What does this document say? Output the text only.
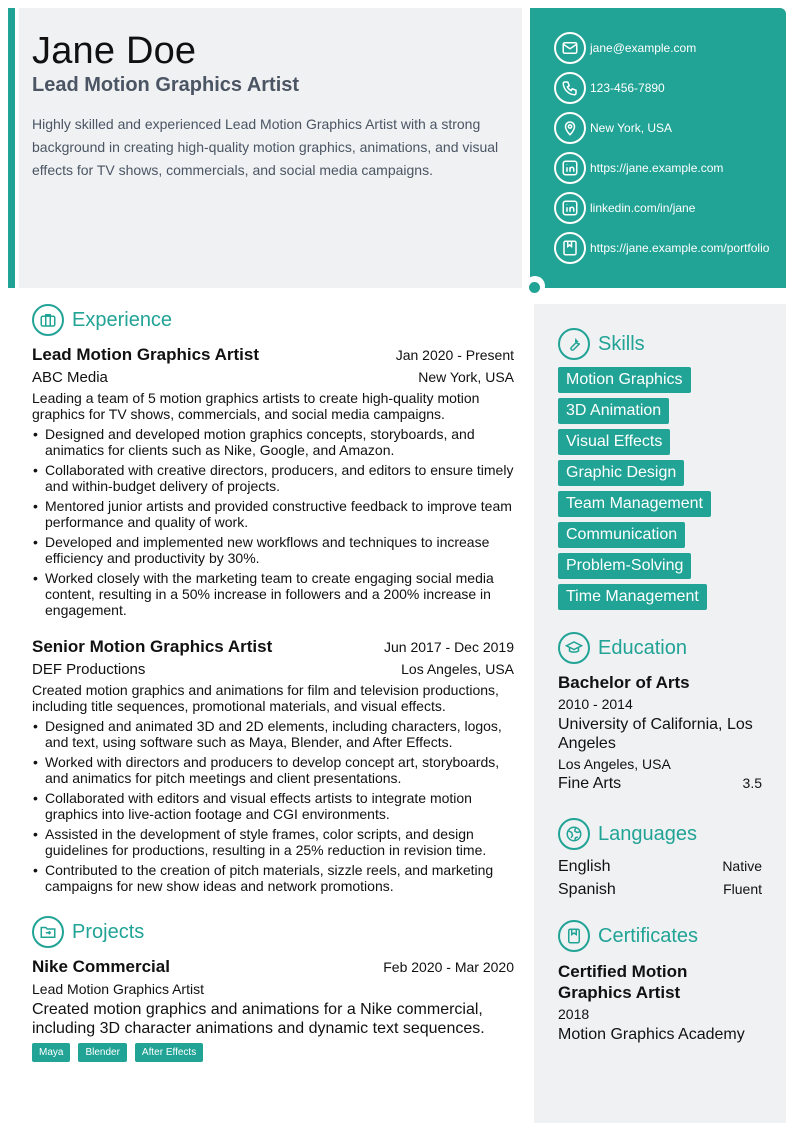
Jane Doe
Lead Motion Graphics Artist
Highly skilled and experienced Lead Motion Graphics Artist with a strong background in creating high-quality motion graphics, animations, and visual effects for TV shows, commercials, and social media campaigns.
jane@example.com
123-456-7890
New York, USA
https://jane.example.com
linkedin.com/in/jane
https://jane.example.com/portfolio
Experience
Lead Motion Graphics Artist	Jan 2020 - Present
ABC Media	New York, USA
Leading a team of 5 motion graphics artists to create high-quality motion graphics for TV shows, commercials, and social media campaigns.
• Designed and developed motion graphics concepts, storyboards, and animatics for clients such as Nike, Google, and Amazon.
• Collaborated with creative directors, producers, and editors to ensure timely and within-budget delivery of projects.
• Mentored junior artists and provided constructive feedback to improve team performance and quality of work.
• Developed and implemented new workflows and techniques to increase efficiency and productivity by 30%.
• Worked closely with the marketing team to create engaging social media content, resulting in a 50% increase in followers and a 200% increase in engagement.
Senior Motion Graphics Artist	Jun 2017 - Dec 2019
DEF Productions	Los Angeles, USA
Created motion graphics and animations for film and television productions, including title sequences, promotional materials, and visual effects.
• Designed and animated 3D and 2D elements, including characters, logos, and text, using software such as Maya, Blender, and After Effects.
• Worked with directors and producers to develop concept art, storyboards, and animatics for pitch meetings and client presentations.
• Collaborated with editors and visual effects artists to integrate motion graphics into live-action footage and CGI environments.
• Assisted in the development of style frames, color scripts, and design guidelines for productions, resulting in a 25% reduction in revision time.
• Contributed to the creation of pitch materials, sizzle reels, and marketing campaigns for new show ideas and network promotions.
Projects
Nike Commercial	Feb 2020 - Mar 2020
Lead Motion Graphics Artist
Created motion graphics and animations for a Nike commercial, including 3D character animations and dynamic text sequences.
Maya	Blender	After Effects
Skills
Motion Graphics
3D Animation
Visual Effects
Graphic Design
Team Management
Communication
Problem-Solving
Time Management
Education
Bachelor of Arts
2010 - 2014
University of California, Los Angeles
Los Angeles, USA
Fine Arts	3.5
Languages
English	Native
Spanish	Fluent
Certificates
Certified Motion Graphics Artist
2018
Motion Graphics Academy
